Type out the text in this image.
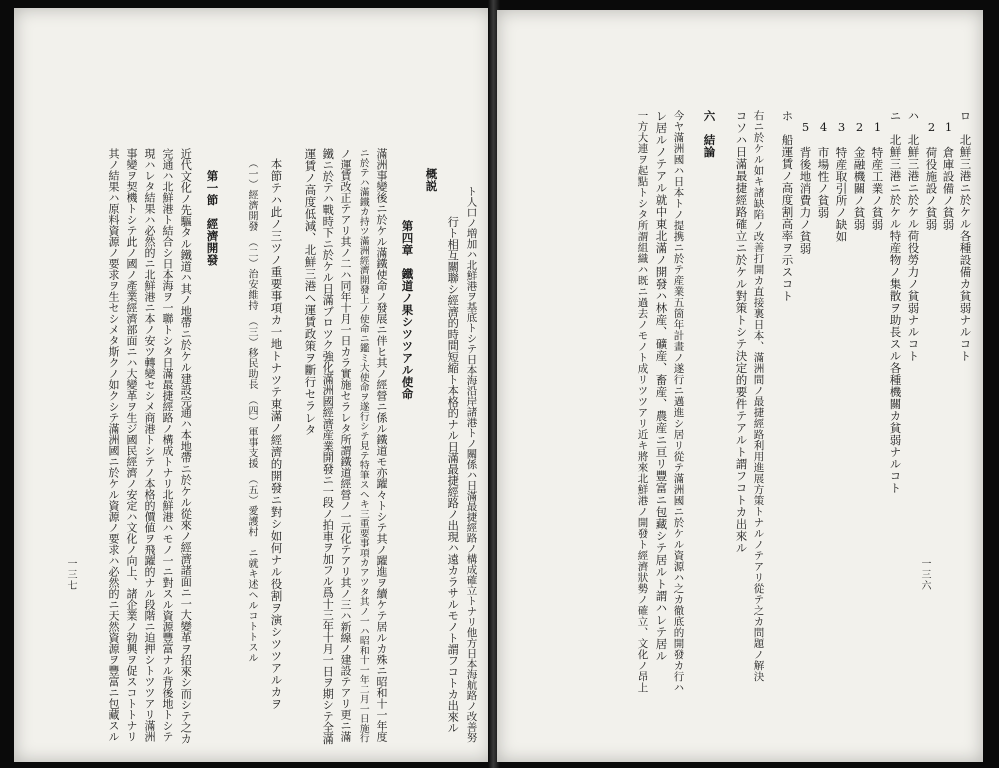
ト人口ノ増加ハ北鮮港ヲ基底トシテ日本海沿岸諸港トノ關係ハ日滿最捷經路ノ構成確立トナリ他方日本海航路ノ改善努
行ト相互關聯シ經濟的時間短縮ト本格的ナル日滿最捷經路ノ出現ハ遠カラサルモノト謂フコトカ出來ル
概説
第四章　鐵道ノ果シツツアル使命
滿洲事變後ニ於ケル滿鐵使命ノ發展ニ伴ヒ其ノ經營ニ係ル鐵道モ亦躍々トシテ其ノ躍進ヲ續ケテ居ルカ殊ニ昭和十一年度
ニ於テハ滿鐵カ持ツ滿洲經濟開發上ノ使命ニ鑑ミ大使命ヲ遂行シテ見テ特筆スヘキ三重要事項カアツタ其ノ一ハ昭和十一年二月一日施行
ノ運賃改正テアリ其ノ二ハ同年十月一日カラ實施セラレタ所謂鐵道經營ノ一元化テアリ其ノ三ハ新線ノ建設テアリ更ニ滿
鐵ニ於テハ戰時下ニ於ケル日滿ブロツク強化滿洲國經濟産業開發ニ一段ノ拍車ヲ加フル爲十三年十月一日ヲ期シテ全滿
運賃ノ高度低減、北鮮三港ヘ運賃政策ヲ斷行セラレタ
本節テハ此ノ三ツノ重要事項カ一地トナツテ東滿ノ經濟的開發ニ對シ如何ナル役割ヲ演シツツアルカヲ
（一）經濟開發　（二）治安維持　（三）移民助長　（四）軍事支援　（五）愛護村　ニ就キ述ヘルコトトスル
第一節　經濟開發
近代文化ノ先驅タル鐵道ハ其ノ地帶ニ於ケル建設完通ハ本地帶ニ於ケル從來ノ經濟諸面ニ一大變革ヲ招來シ而シテ之カ
完通ハ北鮮港ト結合シ日本海ヲ一聯トシタ日滿最捷經路ノ構成トナリ北鮮港ハモノ一ニ對スル資源豐富ナル背後地トシテ
現ハレタ結果ハ必然的ニ北鮮港ニ本ノ安ツ轉變セシメ商港トシテノ本格的價値ヲ飛躍的ナル段階ニ迫押シトツツアリ滿洲
事變ヲ契機トシテ此ノ國ノ產業經濟部面ニハ大變革ヲ生ジ國民經濟ノ安定ハ文化ノ向上、諸企業ノ勃興ヲ促スコトトナリ
其ノ結果ハ原料資源ノ要求ヲ生セシメタ斯クノ如クシテ滿洲國ニ於ケル資源ノ要求ハ必然的ニ天然資源ヲ豐富ニ包藏スル
一三七
ロ　北鮮三港ニ於ケル各種設備カ貧弱ナルコト
1　倉庫設備ノ貧弱
2　荷役施設ノ貧弱
ハ　北鮮三港ニ於ケル荷役勞力ノ貧弱ナルコト
ニ　北鮮三港ニ於ケル特産物ノ集散ヲ助長スル各種機關カ貧弱ナルコト
1　特産工業ノ貧弱
2　金融機關ノ貧弱
3　特産取引所ノ缺如
4　市場性ノ貧弱
5　背後地消費力ノ貧弱
ホ　船運賃ノ高度割高率ヲ示スコト
右ニ於ケル如キ諸缺陷ノ改善打開カ直接裏日本、滿洲間ノ最捷經路利用進展方策トナルノテアリ從テ之カ問題ノ解決
コソハ日滿最捷經路確立ニ於ケル對策トシテ決定的要件テアルト謂フコトカ出來ル
六　結論
今ヤ滿洲國ハ日本トノ提携ニ於テ産業五箇年計畫ノ遂行ニ邁進シ居リ從テ滿洲國ニ於ケル資源ハ之カ徹底的開發カ行ハ
レ居ルノテアル就中東北滿ノ開發ハ林産、礦産、畜産、農産ニ亘リ豐富ニ包藏シテ居ルト謂ハレテ居ル
一方大連ヲ起點トシタ所謂組織ハ既ニ過去ノモノト成リツツアリ近キ將來北鮮港ノ開發ト經濟狀勢ノ確立、文化ノ昂上	一三六
